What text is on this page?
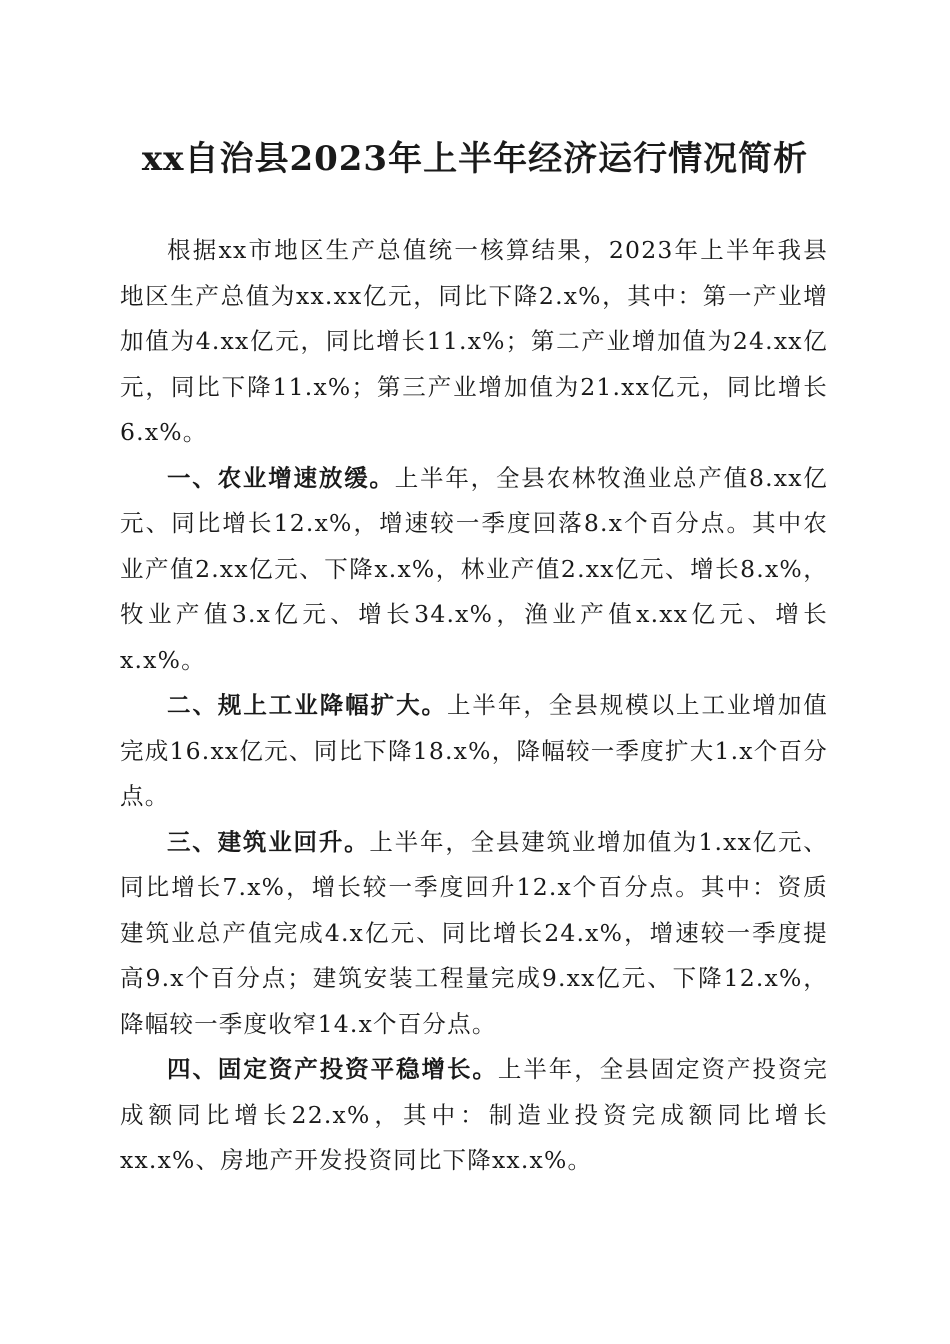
xx自治县2023年上半年经济运行情况简析

根据xx市地区生产总值统一核算结果，2023年上半年我县地区生产总值为xx.xx亿元，同比下降2.x%，其中：第一产业增加值为4.xx亿元，同比增长11.x%；第二产业增加值为24.xx亿元，同比下降11.x%；第三产业增加值为21.xx亿元，同比增长6.x%。

一、农业增速放缓。上半年，全县农林牧渔业总产值8.xx亿元、同比增长12.x%，增速较一季度回落8.x个百分点。其中农业产值2.xx亿元、下降x.x%，林业产值2.xx亿元、增长8.x%，牧业产值3.x亿元、增长34.x%，渔业产值x.xx亿元、增长x.x%。

二、规上工业降幅扩大。上半年，全县规模以上工业增加值完成16.xx亿元、同比下降18.x%，降幅较一季度扩大1.x个百分点。

三、建筑业回升。上半年，全县建筑业增加值为1.xx亿元、同比增长7.x%，增长较一季度回升12.x个百分点。其中：资质建筑业总产值完成4.x亿元、同比增长24.x%，增速较一季度提高9.x个百分点；建筑安装工程量完成9.xx亿元、下降12.x%，降幅较一季度收窄14.x个百分点。

四、固定资产投资平稳增长。上半年，全县固定资产投资完成额同比增长22.x%，其中：制造业投资完成额同比增长xx.x%、房地产开发投资同比下降xx.x%。
